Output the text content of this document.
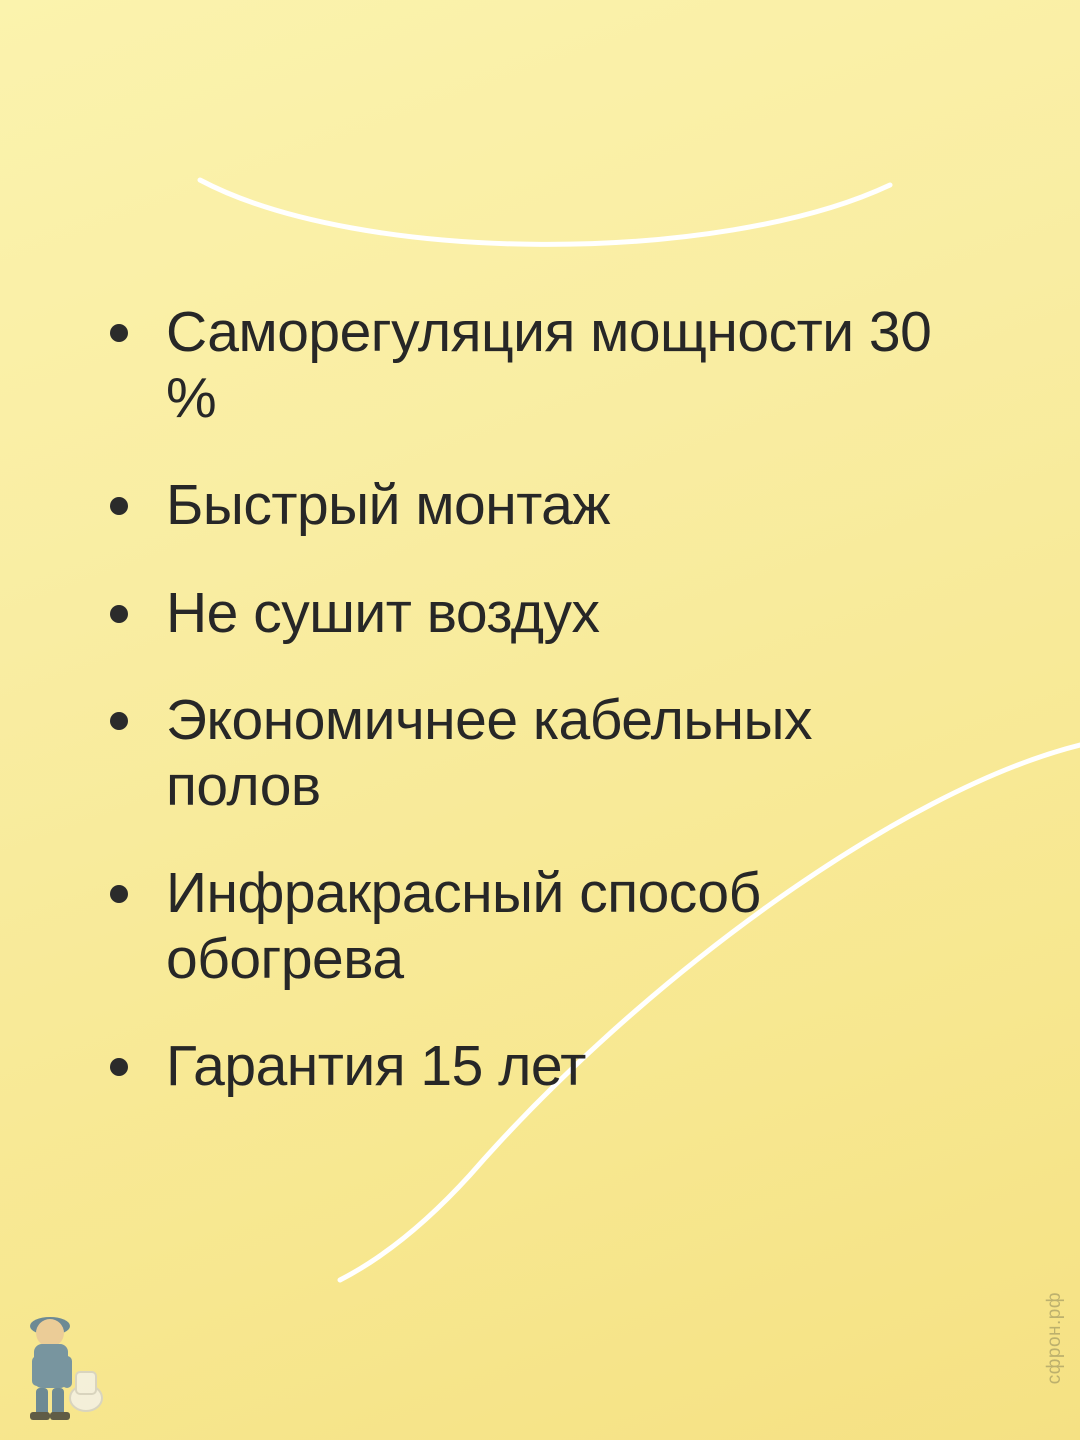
Саморегуляция мощности 30 %
Быстрый монтаж
Не сушит воздух
Экономичнее кабельных полов
Инфракрасный способ обогрева
Гарантия 15 лет
сфрон.рф
